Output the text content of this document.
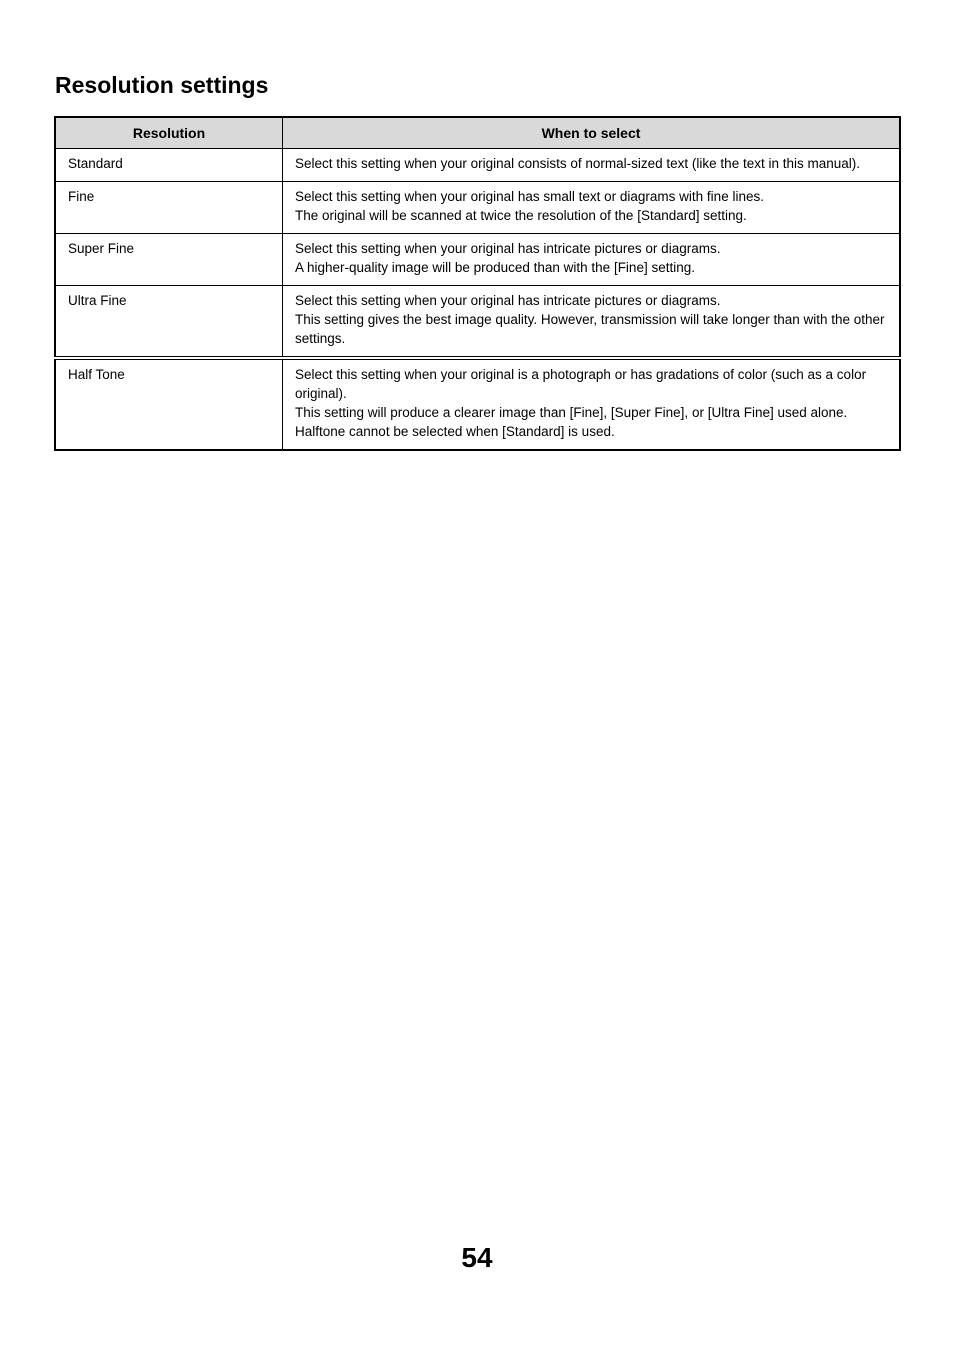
Resolution settings
Resolution	When to select
Standard	Select this setting when your original consists of normal-sized text (like the text in this manual).

Fine	Select this setting when your original has small text or diagrams with fine lines.
The original will be scanned at twice the resolution of the [Standard] setting.

Super Fine	Select this setting when your original has intricate pictures or diagrams.
A higher-quality image will be produced than with the [Fine] setting.

Ultra Fine	Select this setting when your original has intricate pictures or diagrams.
This setting gives the best image quality. However, transmission will take longer than with the other settings.

Half Tone	Select this setting when your original is a photograph or has gradations of color (such as a color original).
This setting will produce a clearer image than [Fine], [Super Fine], or [Ultra Fine] used alone.
Halftone cannot be selected when [Standard] is used.
54
